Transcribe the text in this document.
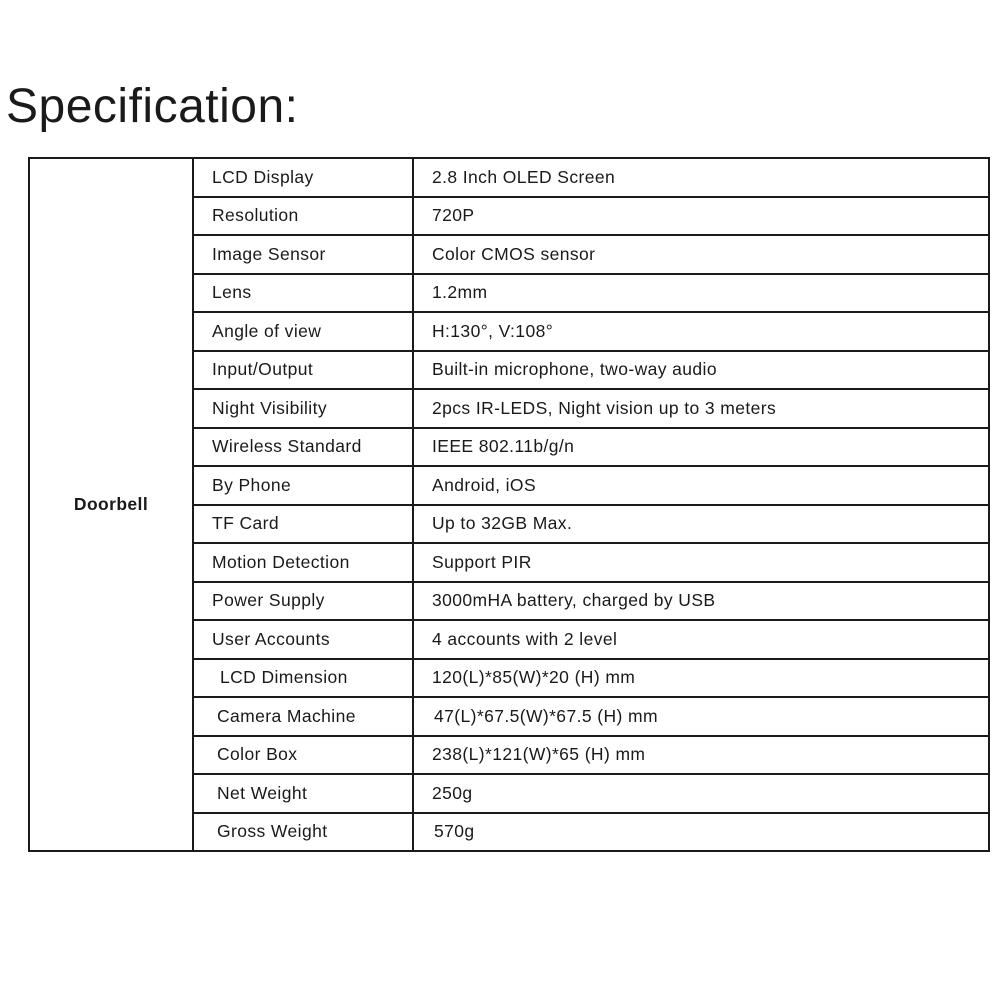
Specification:
Doorbell	LCD Display	2.8 Inch OLED Screen
	Resolution	720P
	Image Sensor	Color CMOS sensor
	Lens	1.2mm
	Angle of view	H:130°, V:108°
	Input/Output	Built-in microphone, two-way audio
	Night Visibility	2pcs IR-LEDS, Night vision up to 3 meters
	Wireless Standard	IEEE 802.11b/g/n
	By Phone	Android, iOS
	TF Card	Up to 32GB Max.
	Motion Detection	Support PIR
	Power Supply	3000mHA battery, charged by USB
	User Accounts	4 accounts with 2 level
	LCD Dimension	120(L)*85(W)*20 (H) mm
	Camera Machine	47(L)*67.5(W)*67.5 (H) mm
	Color Box	238(L)*121(W)*65 (H) mm
	Net Weight	250g
	Gross Weight	570g
